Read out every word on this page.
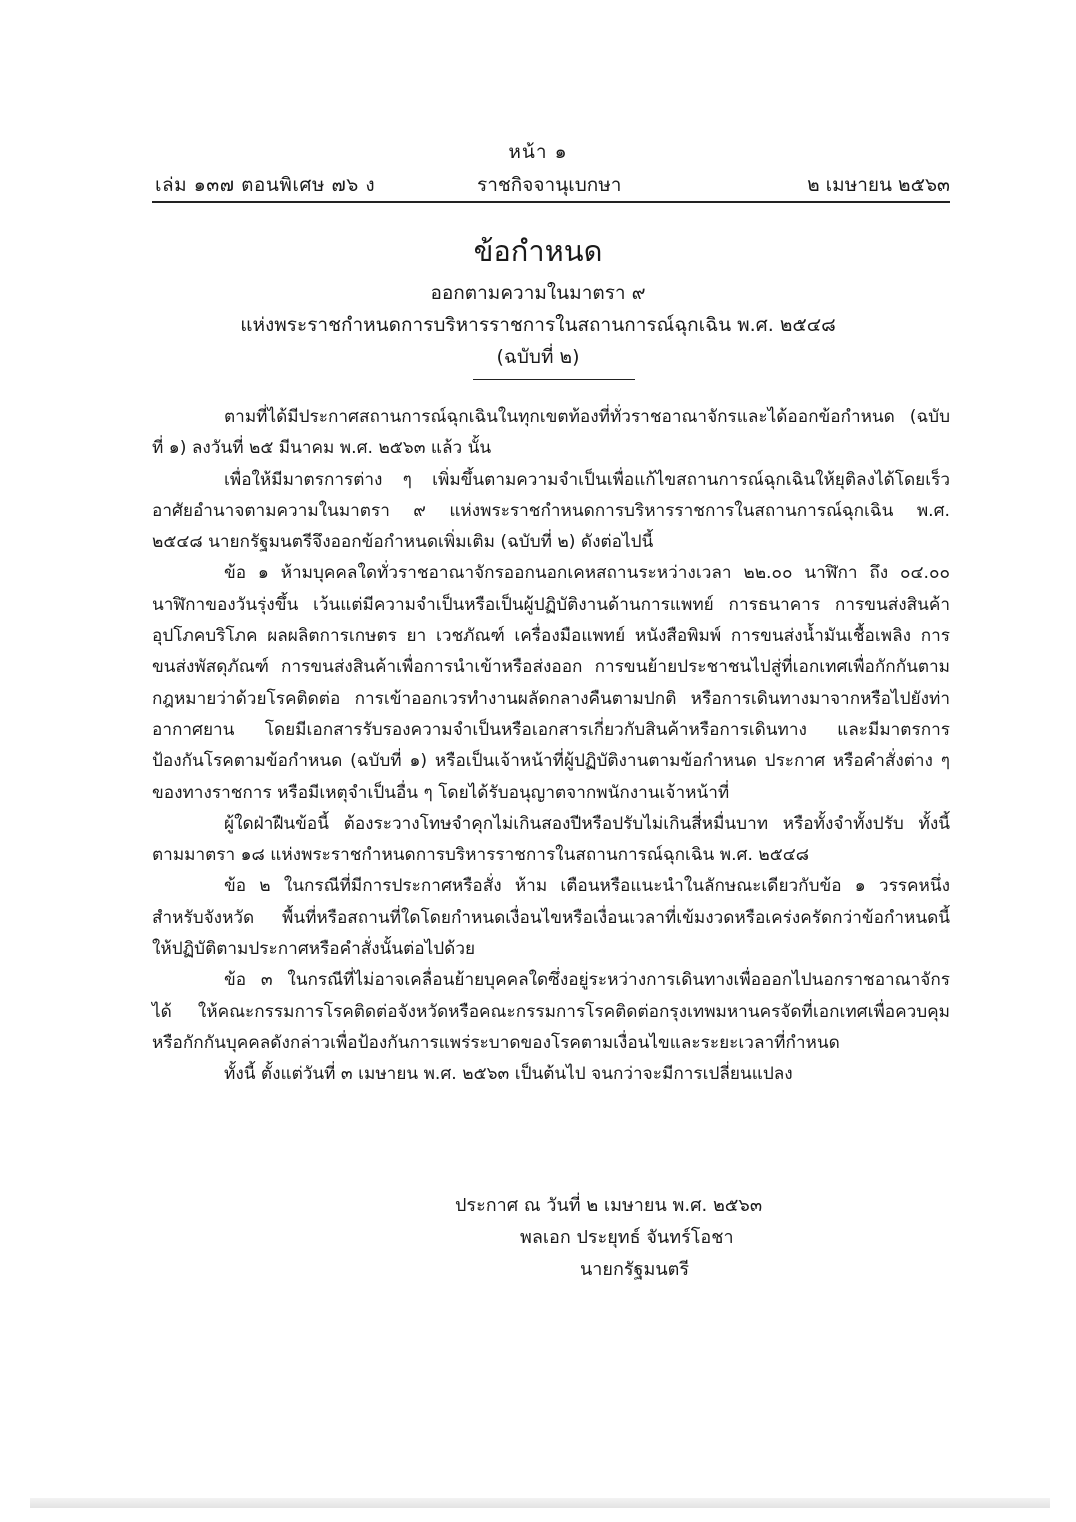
หน้า ๑
เล่ม ๑๓๗ ตอนพิเศษ ๗๖ ง	ราชกิจจานุเบกษา	๒ เมษายน ๒๕๖๓
ข้อกำหนด
ออกตามความในมาตรา ๙
แห่งพระราชกำหนดการบริหารราชการในสถานการณ์ฉุกเฉิน พ.ศ. ๒๕๔๘
(ฉบับที่ ๒)

ตามที่ได้มีประกาศสถานการณ์ฉุกเฉินในทุกเขตท้องที่ทั่วราชอาณาจักรและได้ออกข้อกำหนด (ฉบับที่ ๑) ลงวันที่ ๒๕ มีนาคม พ.ศ. ๒๕๖๓ แล้ว นั้น

เพื่อให้มีมาตรการต่าง ๆ เพิ่มขึ้นตามความจำเป็นเพื่อแก้ไขสถานการณ์ฉุกเฉินให้ยุติลงได้โดยเร็ว อาศัยอำนาจตามความในมาตรา ๙ แห่งพระราชกำหนดการบริหารราชการในสถานการณ์ฉุกเฉิน พ.ศ. ๒๕๔๘ นายกรัฐมนตรีจึงออกข้อกำหนดเพิ่มเติม (ฉบับที่ ๒) ดังต่อไปนี้

ข้อ ๑ ห้ามบุคคลใดทั่วราชอาณาจักรออกนอกเคหสถานระหว่างเวลา ๒๒.๐๐ นาฬิกา ถึง ๐๔.๐๐ นาฬิกาของวันรุ่งขึ้น เว้นแต่มีความจำเป็นหรือเป็นผู้ปฏิบัติงานด้านการแพทย์ การธนาคาร การขนส่งสินค้าอุปโภคบริโภค ผลผลิตการเกษตร ยา เวชภัณฑ์ เครื่องมือแพทย์ หนังสือพิมพ์ การขนส่งน้ำมันเชื้อเพลิง การขนส่งพัสดุภัณฑ์ การขนส่งสินค้าเพื่อการนำเข้าหรือส่งออก การขนย้ายประชาชนไปสู่ที่เอกเทศเพื่อกักกันตามกฎหมายว่าด้วยโรคติดต่อ การเข้าออกเวรทำงานผลัดกลางคืนตามปกติ หรือการเดินทางมาจากหรือไปยังท่าอากาศยาน โดยมีเอกสารรับรองความจำเป็นหรือเอกสารเกี่ยวกับสินค้าหรือการเดินทาง และมีมาตรการป้องกันโรคตามข้อกำหนด (ฉบับที่ ๑) หรือเป็นเจ้าหน้าที่ผู้ปฏิบัติงานตามข้อกำหนด ประกาศ หรือคำสั่งต่าง ๆ ของทางราชการ หรือมีเหตุจำเป็นอื่น ๆ โดยได้รับอนุญาตจากพนักงานเจ้าหน้าที่

ผู้ใดฝ่าฝืนข้อนี้ ต้องระวางโทษจำคุกไม่เกินสองปีหรือปรับไม่เกินสี่หมื่นบาท หรือทั้งจำทั้งปรับ ทั้งนี้ ตามมาตรา ๑๘ แห่งพระราชกำหนดการบริหารราชการในสถานการณ์ฉุกเฉิน พ.ศ. ๒๕๔๘

ข้อ ๒ ในกรณีที่มีการประกาศหรือสั่ง ห้าม เตือนหรือแนะนำในลักษณะเดียวกับข้อ ๑ วรรคหนึ่ง สำหรับจังหวัด พื้นที่หรือสถานที่ใดโดยกำหนดเงื่อนไขหรือเงื่อนเวลาที่เข้มงวดหรือเคร่งครัดกว่าข้อกำหนดนี้ ให้ปฏิบัติตามประกาศหรือคำสั่งนั้นต่อไปด้วย

ข้อ ๓ ในกรณีที่ไม่อาจเคลื่อนย้ายบุคคลใดซึ่งอยู่ระหว่างการเดินทางเพื่อออกไปนอกราชอาณาจักรได้ ให้คณะกรรมการโรคติดต่อจังหวัดหรือคณะกรรมการโรคติดต่อกรุงเทพมหานครจัดที่เอกเทศเพื่อควบคุมหรือกักกันบุคคลดังกล่าวเพื่อป้องกันการแพร่ระบาดของโรคตามเงื่อนไขและระยะเวลาที่กำหนด

ทั้งนี้ ตั้งแต่วันที่ ๓ เมษายน พ.ศ. ๒๕๖๓ เป็นต้นไป จนกว่าจะมีการเปลี่ยนแปลง

ประกาศ ณ วันที่ ๒ เมษายน พ.ศ. ๒๕๖๓
พลเอก ประยุทธ์ จันทร์โอชา
นายกรัฐมนตรี
